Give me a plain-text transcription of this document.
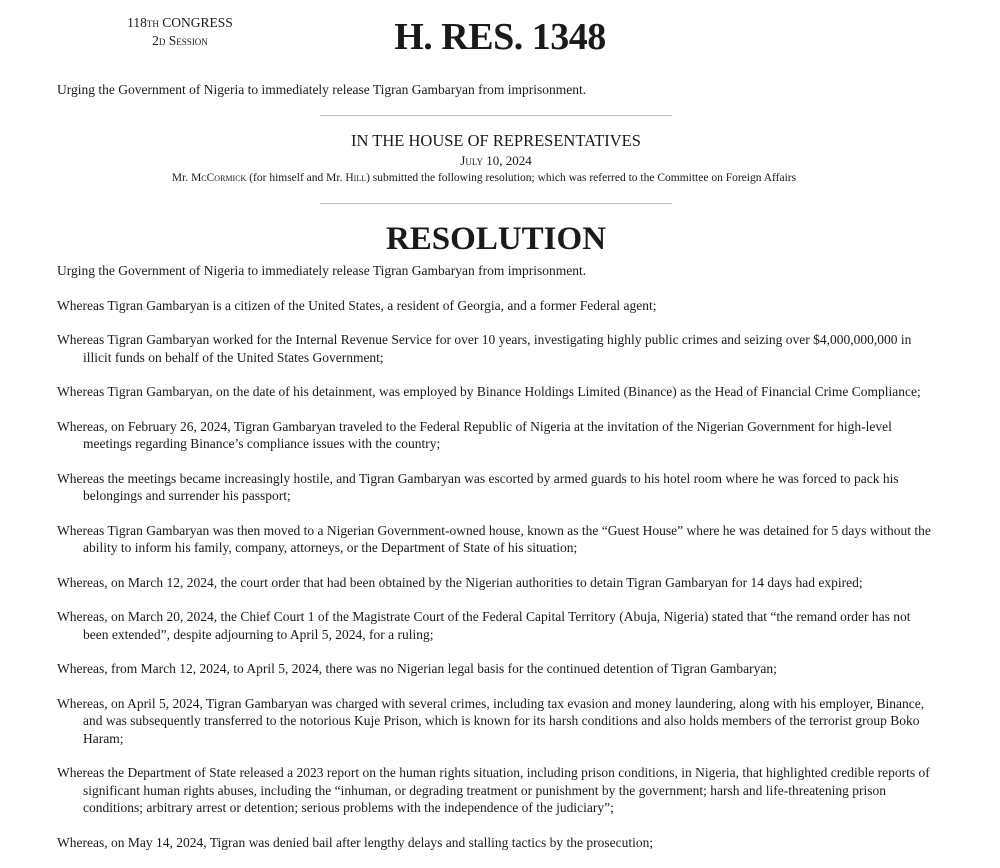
118th CONGRESS
2d Session	H. RES. 1348
Urging the Government of Nigeria to immediately release Tigran Gambaryan from imprisonment.
IN THE HOUSE OF REPRESENTATIVES
July 10, 2024
Mr. McCormick (for himself and Mr. Hill) submitted the following resolution; which was referred to the Committee on Foreign Affairs
RESOLUTION

Urging the Government of Nigeria to immediately release Tigran Gambaryan from imprisonment.

Whereas Tigran Gambaryan is a citizen of the United States, a resident of Georgia, and a former Federal agent;

Whereas Tigran Gambaryan worked for the Internal Revenue Service for over 10 years, investigating highly public crimes and seizing over $4,000,000,000 in illicit funds on behalf of the United States Government;

Whereas Tigran Gambaryan, on the date of his detainment, was employed by Binance Holdings Limited (Binance) as the Head of Financial Crime Compliance;

Whereas, on February 26, 2024, Tigran Gambaryan traveled to the Federal Republic of Nigeria at the invitation of the Nigerian Government for high-level meetings regarding Binance’s compliance issues with the country;

Whereas the meetings became increasingly hostile, and Tigran Gambaryan was escorted by armed guards to his hotel room where he was forced to pack his belongings and surrender his passport;

Whereas Tigran Gambaryan was then moved to a Nigerian Government-owned house, known as the “Guest House” where he was detained for 5 days without the ability to inform his family, company, attorneys, or the Department of State of his situation;

Whereas, on March 12, 2024, the court order that had been obtained by the Nigerian authorities to detain Tigran Gambaryan for 14 days had expired;

Whereas, on March 20, 2024, the Chief Court 1 of the Magistrate Court of the Federal Capital Territory (Abuja, Nigeria) stated that “the remand order has not been extended”, despite adjourning to April 5, 2024, for a ruling;

Whereas, from March 12, 2024, to April 5, 2024, there was no Nigerian legal basis for the continued detention of Tigran Gambaryan;

Whereas, on April 5, 2024, Tigran Gambaryan was charged with several crimes, including tax evasion and money laundering, along with his employer, Binance, and was subsequently transferred to the notorious Kuje Prison, which is known for its harsh conditions and also holds members of the terrorist group Boko Haram;

Whereas the Department of State released a 2023 report on the human rights situation, including prison conditions, in Nigeria, that highlighted credible reports of significant human rights abuses, including the “inhuman, or degrading treatment or punishment by the government; harsh and life-threatening prison conditions; arbitrary arrest or detention; serious problems with the independence of the judiciary”;

Whereas, on May 14, 2024, Tigran was denied bail after lengthy delays and stalling tactics by the prosecution;
